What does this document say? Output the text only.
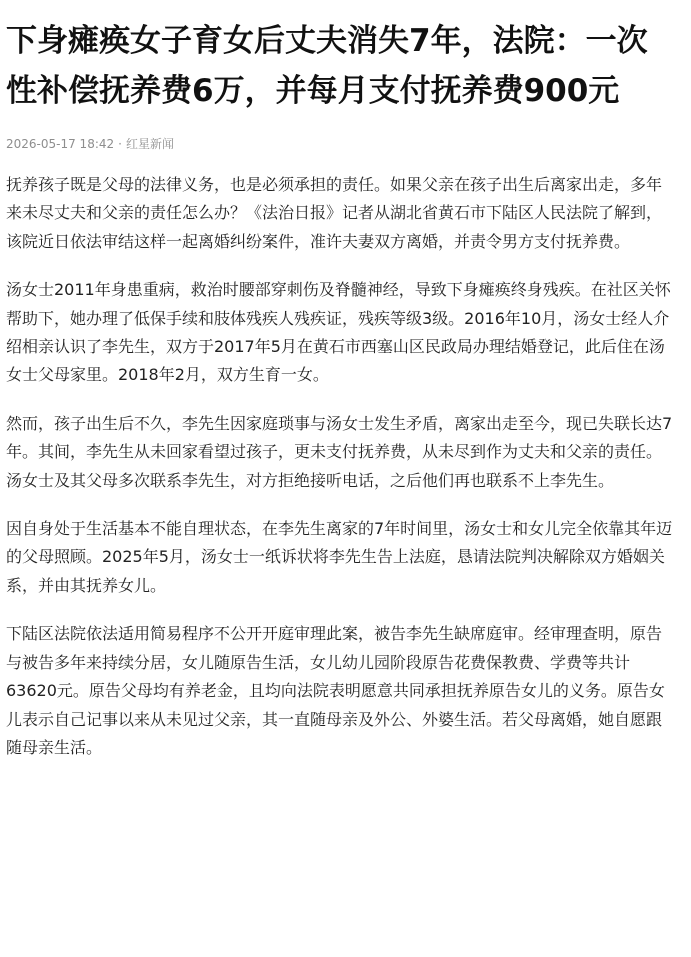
下身瘫痪女子育女后丈夫消失7年，法院：一次性补偿抚养费6万，并每月支付抚养费900元
2026-05-17 18:42 · 红星新闻

抚养孩子既是父母的法律义务，也是必须承担的责任。如果父亲在孩子出生后离家出走，多年来未尽丈夫和父亲的责任怎么办？《法治日报》记者从湖北省黄石市下陆区人民法院了解到，该院近日依法审结这样一起离婚纠纷案件，准许夫妻双方离婚，并责令男方支付抚养费。

汤女士2011年身患重病，救治时腰部穿刺伤及脊髓神经，导致下身瘫痪终身残疾。在社区关怀帮助下，她办理了低保手续和肢体残疾人残疾证，残疾等级3级。2016年10月，汤女士经人介绍相亲认识了李先生，双方于2017年5月在黄石市西塞山区民政局办理结婚登记，此后住在汤女士父母家里。2018年2月，双方生育一女。

然而，孩子出生后不久，李先生因家庭琐事与汤女士发生矛盾，离家出走至今，现已失联长达7年。其间，李先生从未回家看望过孩子，更未支付抚养费，从未尽到作为丈夫和父亲的责任。汤女士及其父母多次联系李先生，对方拒绝接听电话，之后他们再也联系不上李先生。

因自身处于生活基本不能自理状态，在李先生离家的7年时间里，汤女士和女儿完全依靠其年迈的父母照顾。2025年5月，汤女士一纸诉状将李先生告上法庭，恳请法院判决解除双方婚姻关系，并由其抚养女儿。

下陆区法院依法适用简易程序不公开开庭审理此案，被告李先生缺席庭审。经审理查明，原告与被告多年来持续分居，女儿随原告生活，女儿幼儿园阶段原告花费保教费、学费等共计63620元。原告父母均有养老金，且均向法院表明愿意共同承担抚养原告女儿的义务。原告女儿表示自己记事以来从未见过父亲，其一直随母亲及外公、外婆生活。若父母离婚，她自愿跟随母亲生活。
